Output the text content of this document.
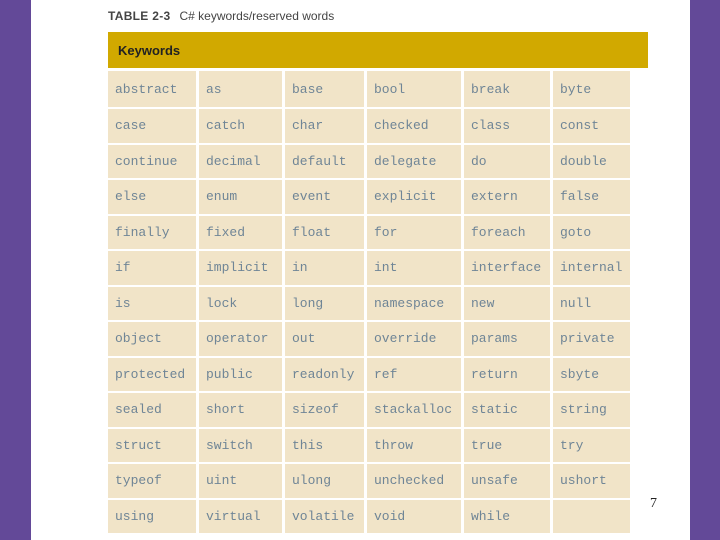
TABLE 2-3 C# keywords/reserved words
Keywords
abstract	as	base	bool	break	byte
case	catch	char	checked	class	const
continue	decimal	default	delegate	do	double
else	enum	event	explicit	extern	false
finally	fixed	float	for	foreach	goto
if	implicit	in	int	interface	internal
is	lock	long	namespace	new	null
object	operator	out	override	params	private
protected	public	readonly	ref	return	sbyte
sealed	short	sizeof	stackalloc	static	string
struct	switch	this	throw	true	try
typeof	uint	ulong	unchecked	unsafe	ushort
using	virtual	volatile	void	while
7
